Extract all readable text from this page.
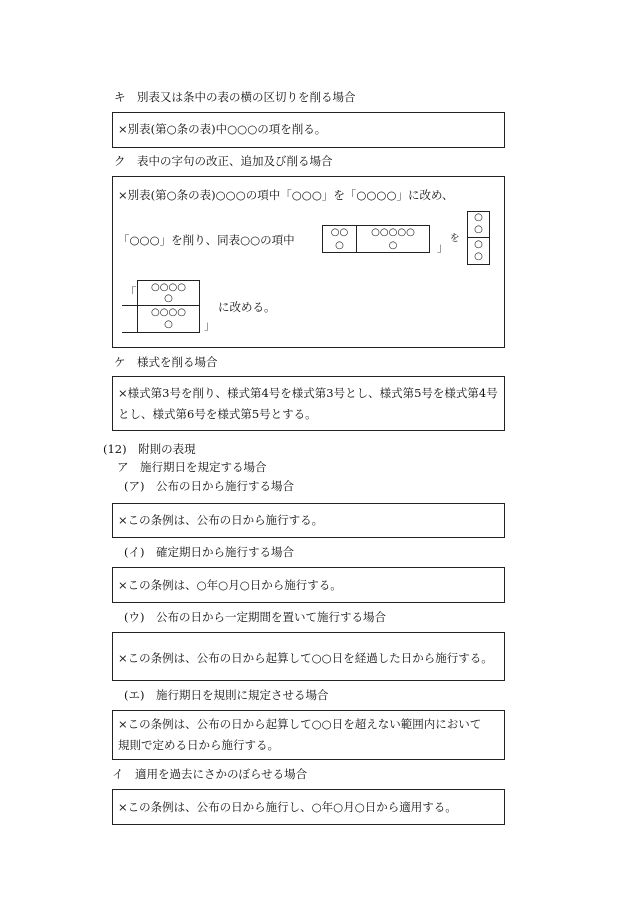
キ　別表又は条中の表の横の区切りを削る場合
×別表(第○条の表)中○○○の項を削る。
ク　表中の字句の改正、追加及び削る場合
×別表(第○条の表)○○○の項中「○○○」を「○○○○」に改め、
「○○○」を削り、同表○○の項中
○○
○
○○○○○
○	」
を
○
○
○
○
「	○○○○
○
○○○○
○	」
に改める。
ケ　様式を削る場合
×様式第3号を削り、様式第4号を様式第3号とし、様式第5号を様式第4号
とし、様式第6号を様式第5号とする。
(12)　附則の表現
ア　施行期日を規定する場合
(ア)　公布の日から施行する場合
×この条例は、公布の日から施行する。
(イ)　確定期日から施行する場合
×この条例は、○年○月○日から施行する。
(ウ)　公布の日から一定期間を置いて施行する場合
×この条例は、公布の日から起算して○○日を経過した日から施行する。
(エ)　施行期日を規則に規定させる場合
×この条例は、公布の日から起算して○○日を超えない範囲内において
規則で定める日から施行する。
イ　適用を過去にさかのぼらせる場合
×この条例は、公布の日から施行し、○年○月○日から適用する。
